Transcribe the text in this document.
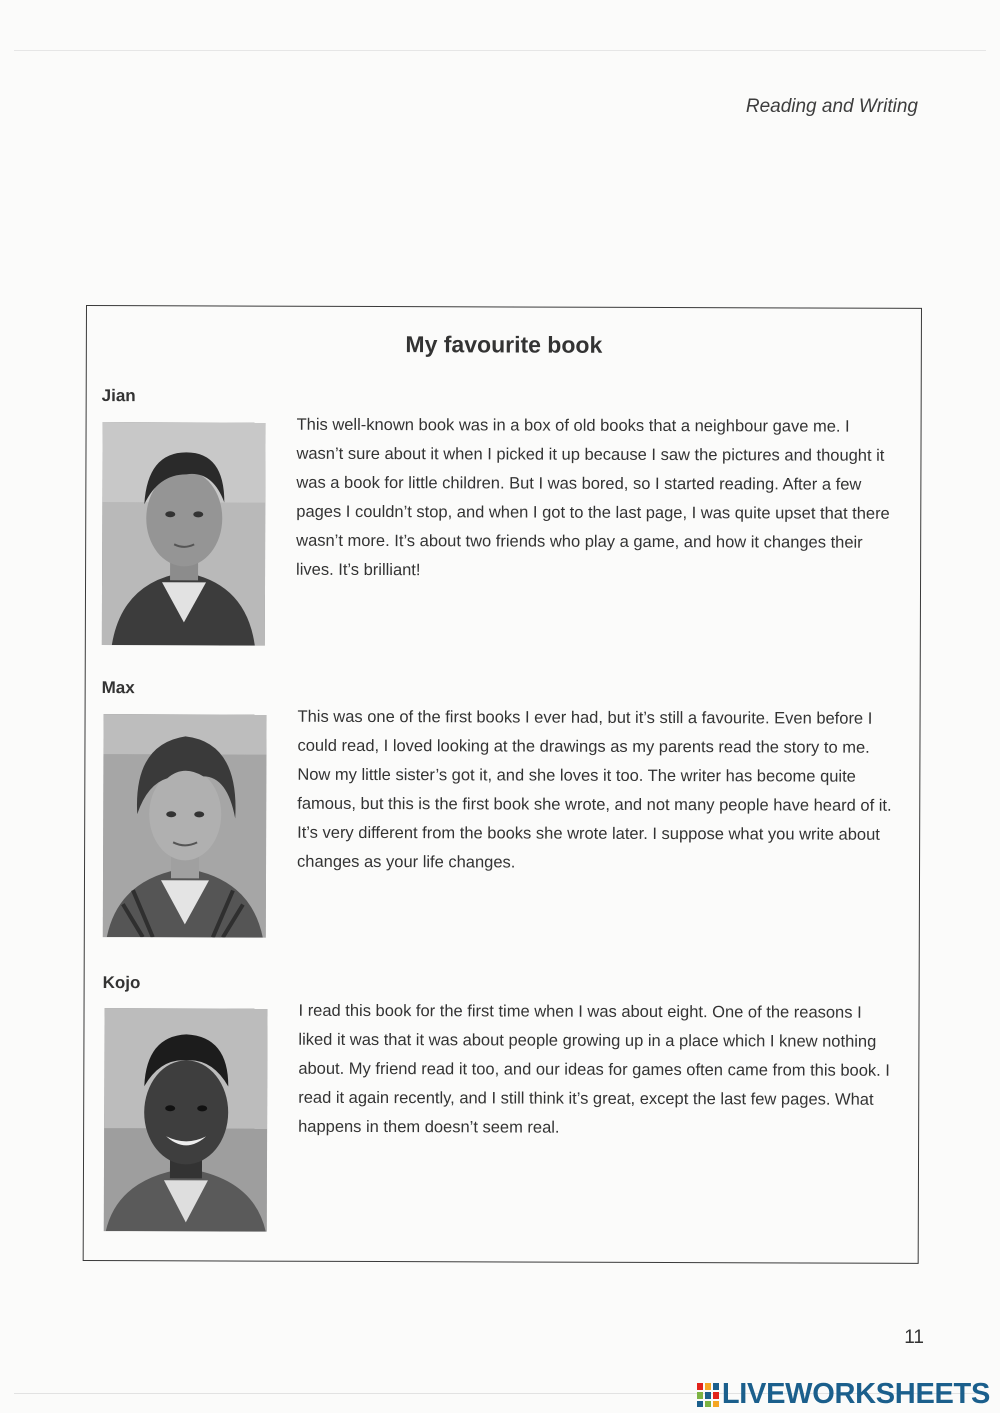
Reading and Writing
My favourite book
Jian
This well-known book was in a box of old books that a neighbour gave me. I wasn’t sure about it when I picked it up because I saw the pictures and thought it was a book for little children. But I was bored, so I started reading. After a few pages I couldn’t stop, and when I got to the last page, I was quite upset that there wasn’t more. It’s about two friends who play a game, and how it changes their lives. It’s brilliant!
Max
This was one of the first books I ever had, but it’s still a favourite. Even before I could read, I loved looking at the drawings as my parents read the story to me. Now my little sister’s got it, and she loves it too. The writer has become quite famous, but this is the first book she wrote, and not many people have heard of it. It’s very different from the books she wrote later. I suppose what you write about changes as your life changes.
Kojo
I read this book for the first time when I was about eight. One of the reasons I liked it was that it was about people growing up in a place which I knew nothing about. My friend read it too, and our ideas for games often came from this book. I read it again recently, and I still think it’s great, except the last few pages. What happens in them doesn’t seem real.
11
LIVEWORKSHEETS
